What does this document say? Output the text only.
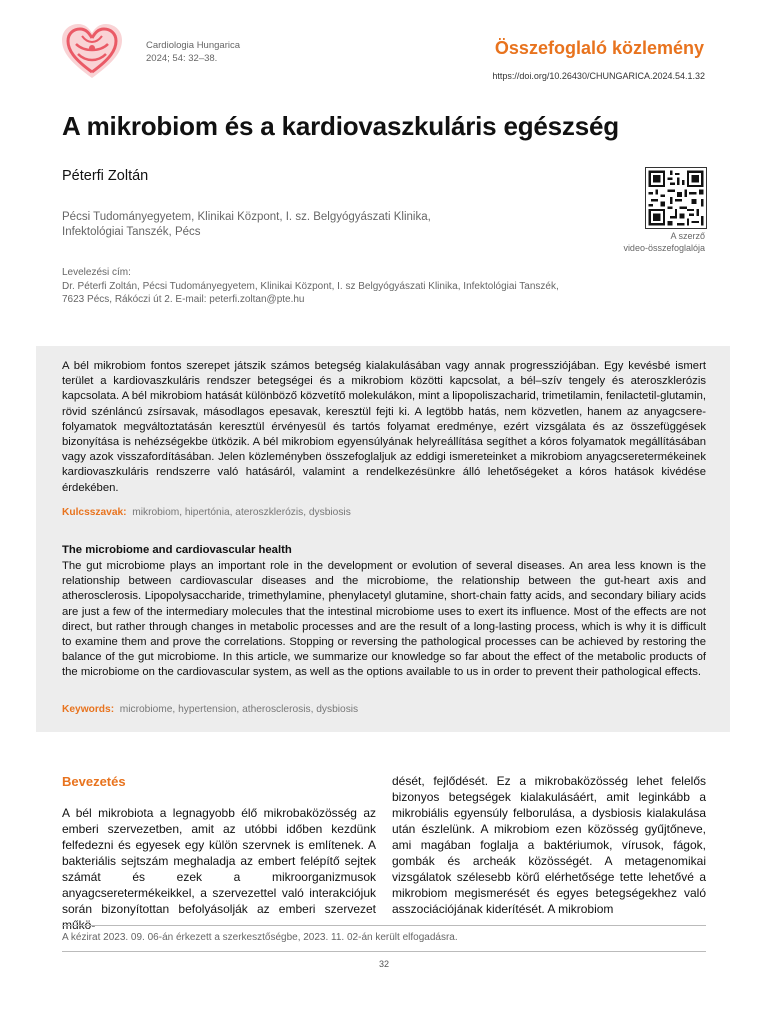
Cardiologia Hungarica
2024; 54: 32–38.	Összefoglaló közlemény
https://doi.org/10.26430/CHUNGARICA.2024.54.1.32
A mikrobiom és a kardiovaszkuláris egészség
Péterfi Zoltán
Pécsi Tudományegyetem, Klinikai Központ, I. sz. Belgyógyászati Klinika,
Infektológiai Tanszék, Pécs	A szerző
video-összefoglalója
Levelezési cím:
Dr. Péterfi Zoltán, Pécsi Tudományegyetem, Klinikai Központ, I. sz Belgyógyászati Klinika, Infektológiai Tanszék,
7623 Pécs, Rákóczi út 2. E-mail: peterfi.zoltan@pte.hu
A bél mikrobiom fontos szerepet játszik számos betegség kialakulásában vagy annak progressziójában. Egy kevésbé ismert terület a kardiovaszkuláris rendszer betegségei és a mikrobiom közötti kapcsolat, a bél–szív tengely és ateroszklerózis kapcsolata. A bél mikrobiom hatását különböző közvetítő molekulákon, mint a lipopoliszacharid, trimetilamin, fenilactetil-glutamin, rövid szénláncú zsírsavak, másodlagos epesavak, keresztül fejti ki. A legtöbb hatás, nem közvetlen, hanem az anyagcsere-folyamatok megváltoztatásán keresztül érvényesül és tartós folyamat eredménye, ezért vizsgálata és az összefüggések bizonyítása is nehézségekbe ütközik. A bél mikrobiom egyensúlyának helyreállítása segíthet a kóros folyamatok megállításában vagy azok visszafordításában. Jelen közleményben összefoglaljuk az eddigi ismereteinket a mikrobiom anyagcseretermékeinek kardiovaszkuláris rendszerre való hatásáról, valamint a rendelkezésünkre álló lehetőségeket a kóros hatások kivédése érdekében.
Kulcsszavak: mikrobiom, hipertónia, ateroszklerózis, dysbiosis
The microbiome and cardiovascular health
The gut microbiome plays an important role in the development or evolution of several diseases. An area less known is the relationship between cardiovascular diseases and the microbiome, the relationship between the gut-heart axis and atherosclerosis. Lipopolysaccharide, trimethylamine, phenylacetyl glutamine, short-chain fatty acids, and secondary biliary acids are just a few of the intermediary molecules that the intestinal microbiome uses to exert its influence. Most of the effects are not direct, but rather through changes in metabolic processes and are the result of a long-lasting process, which is why it is difficult to examine them and prove the correlations. Stopping or reversing the pathological processes can be achieved by restoring the balance of the gut microbiome. In this article, we summarize our knowledge so far about the effect of the metabolic products of the microbiome on the cardiovascular system, as well as the options available to us in order to prevent their pathological effects.
Keywords: microbiome, hypertension, atherosclerosis, dysbiosis
Bevezetés
A bél mikrobiota a legnagyobb élő mikrobaközösség az emberi szervezetben, amit az utóbbi időben kezdünk felfedezni és egyesek egy külön szervnek is említenek. A bakteriális sejtszám meghaladja az embert felépítő sejtek számát és ezek a mikroorganizmusok anyagcseretermékeikkel, a szervezettel való interakciójuk során bizonyítottan befolyásolják az emberi szervezet műkö-
dését, fejlődését. Ez a mikrobaközösség lehet felelős bizonyos betegségek kialakulásáért, amit leginkább a mikrobiális egyensúly felborulása, a dysbiosis kialakulása után észlelünk. A mikrobiom ezen közösség gyűjtőneve, ami magában foglalja a baktériumok, vírusok, fágok, gombák és archeák közösségét. A metagenomikai vizsgálatok szélesebb körű elérhetősége tette lehetővé a mikrobiom megismerését és egyes betegségekhez való asszociációjának kiderítését. A mikrobiom
A kézirat 2023. 09. 06-án érkezett a szerkesztőségbe, 2023. 11. 02-án került elfogadásra.
32
